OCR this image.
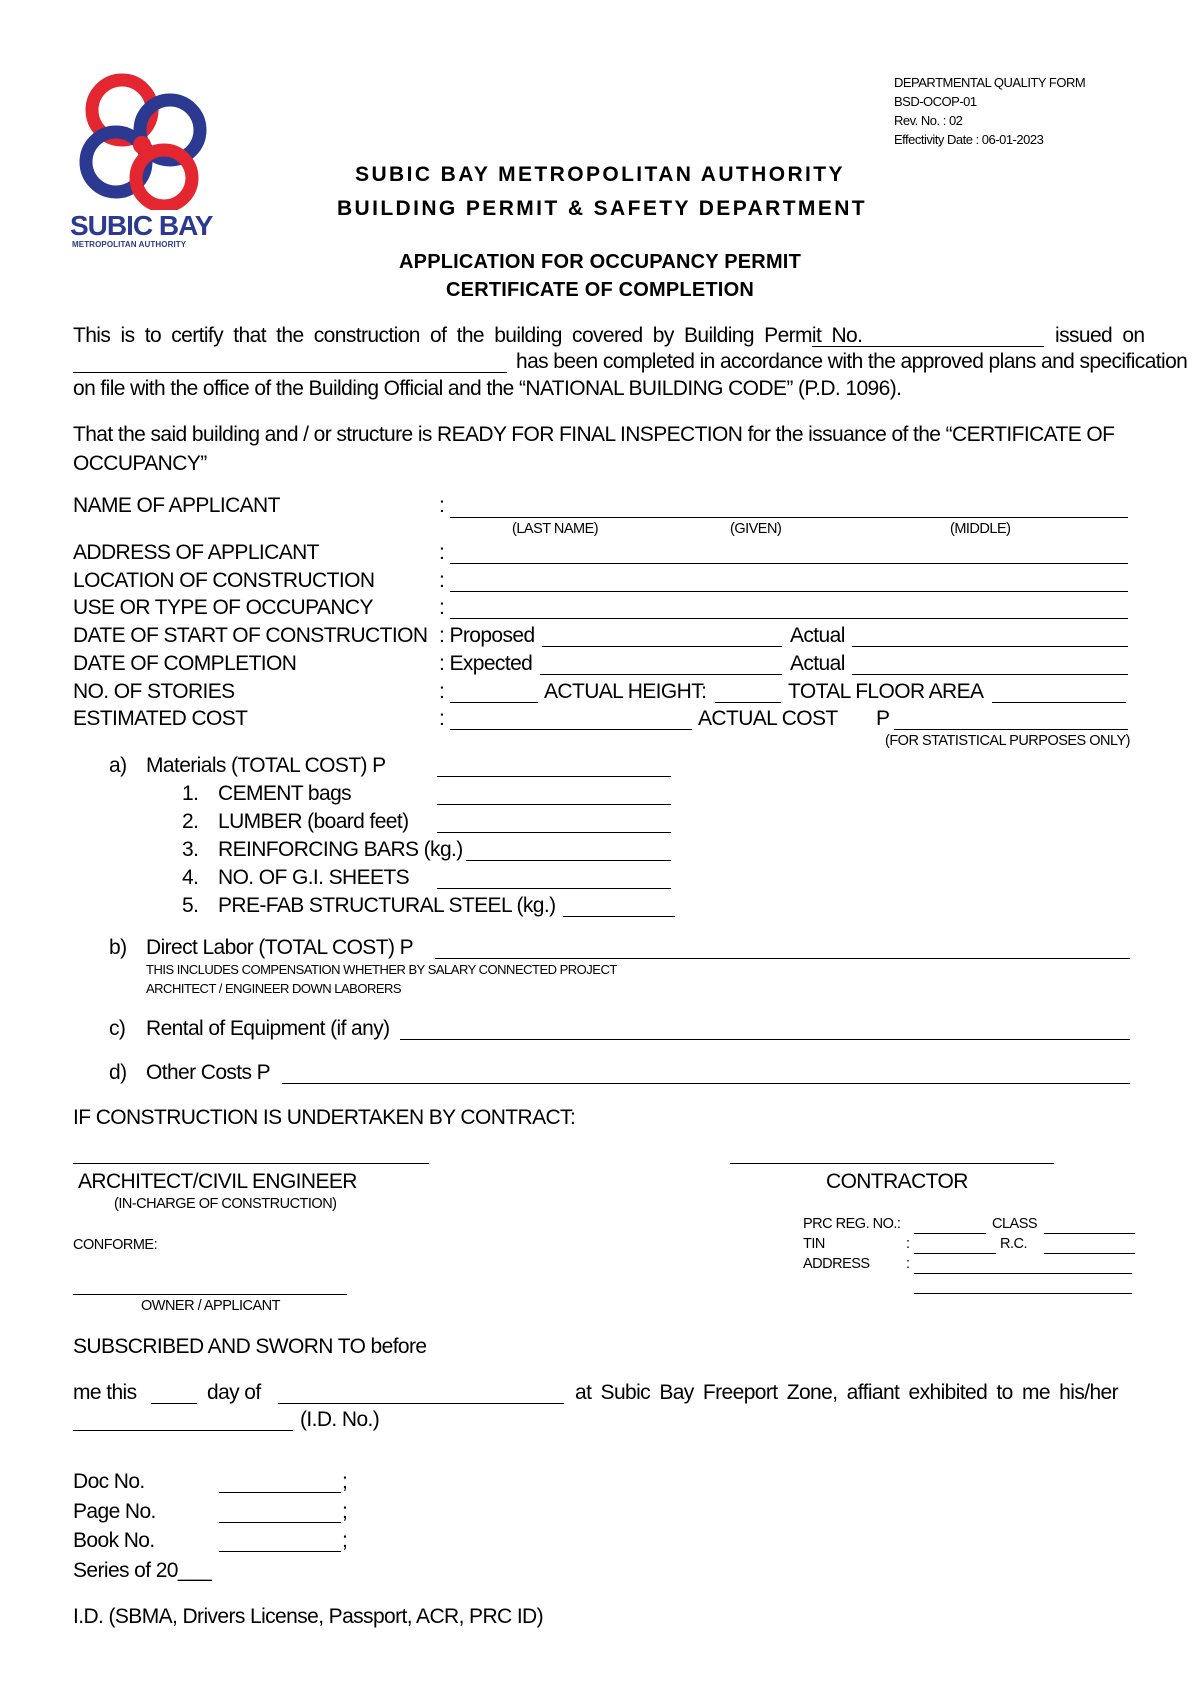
SUBIC BAY
METROPOLITAN AUTHORITY
DEPARTMENTAL QUALITY FORM
BSD-OCOP-01
Rev. No. : 02
Effectivity Date : 06-01-2023
SUBIC BAY METROPOLITAN AUTHORITY
BUILDING PERMIT & SAFETY DEPARTMENT
APPLICATION FOR OCCUPANCY PERMIT
CERTIFICATE OF COMPLETION
This is to certify that the construction of the building covered by Building Permit No.	issued on
has been completed in accordance with the approved plans and specification
on file with the office of the Building Official and the “NATIONAL BUILDING CODE” (P.D. 1096).
That the said building and / or structure is READY FOR FINAL INSPECTION for the issuance of the “CERTIFICATE OF OCCUPANCY”
NAME OF APPLICANT	:
(LAST NAME)	(GIVEN)	(MIDDLE)
ADDRESS OF APPLICANT	:
LOCATION OF CONSTRUCTION	:
USE OR TYPE OF OCCUPANCY	:
DATE OF START OF CONSTRUCTION : Proposed	Actual
DATE OF COMPLETION	: Expected	Actual
NO. OF STORIES	:	ACTUAL HEIGHT:	TOTAL FLOOR AREA
ESTIMATED COST	:	ACTUAL COST P
(FOR STATISTICAL PURPOSES ONLY)
a) Materials (TOTAL COST) P
1. CEMENT bags
2. LUMBER (board feet)
3. REINFORCING BARS (kg.)
4. NO. OF G.I. SHEETS
5. PRE-FAB STRUCTURAL STEEL (kg.)
b) Direct Labor (TOTAL COST) P
THIS INCLUDES COMPENSATION WHETHER BY SALARY CONNECTED PROJECT
ARCHITECT / ENGINEER DOWN LABORERS
c) Rental of Equipment (if any)
d) Other Costs P
IF CONSTRUCTION IS UNDERTAKEN BY CONTRACT:
ARCHITECT/CIVIL ENGINEER
(IN-CHARGE OF CONSTRUCTION)
CONTRACTOR
CONFORME:
PRC REG. NO.:	CLASS
TIN	:	R.C.
ADDRESS	:
OWNER / APPLICANT
SUBSCRIBED AND SWORN TO before
me this	day of	at Subic Bay Freeport Zone, affiant exhibited to me his/her
(I.D. No.)
Doc No.	;
Page No.	;
Book No.	;
Series of 20___
I.D. (SBMA, Drivers License, Passport, ACR, PRC ID)
